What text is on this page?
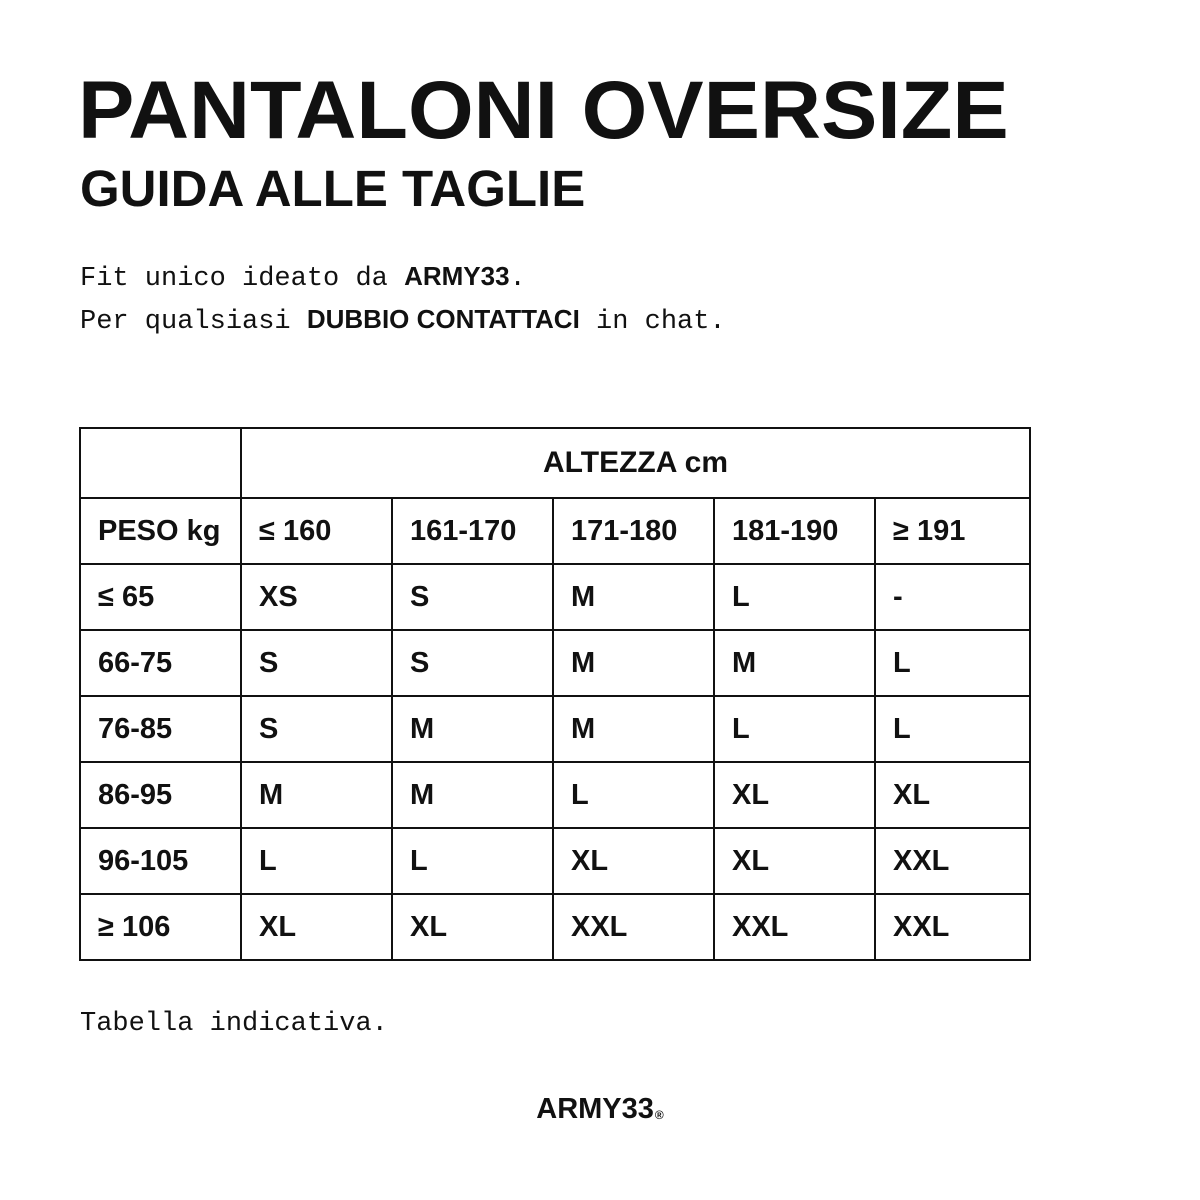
PANTALONI OVERSIZE
GUIDA ALLE TAGLIE
Fit unico ideato da ARMY33.
Per qualsiasi DUBBIO CONTATTACI in chat.
	ALTEZZA cm				
PESO kg	≤ 160	161-170	171-180	181-190	≥ 191
≤ 65	XS	S	M	L	-
66-75	S	S	M	M	L
76-85	S	M	M	L	L
86-95	M	M	L	XL	XL
96-105	L	L	XL	XL	XXL
≥ 106	XL	XL	XXL	XXL	XXL
Tabella indicativa.
ARMY33®
